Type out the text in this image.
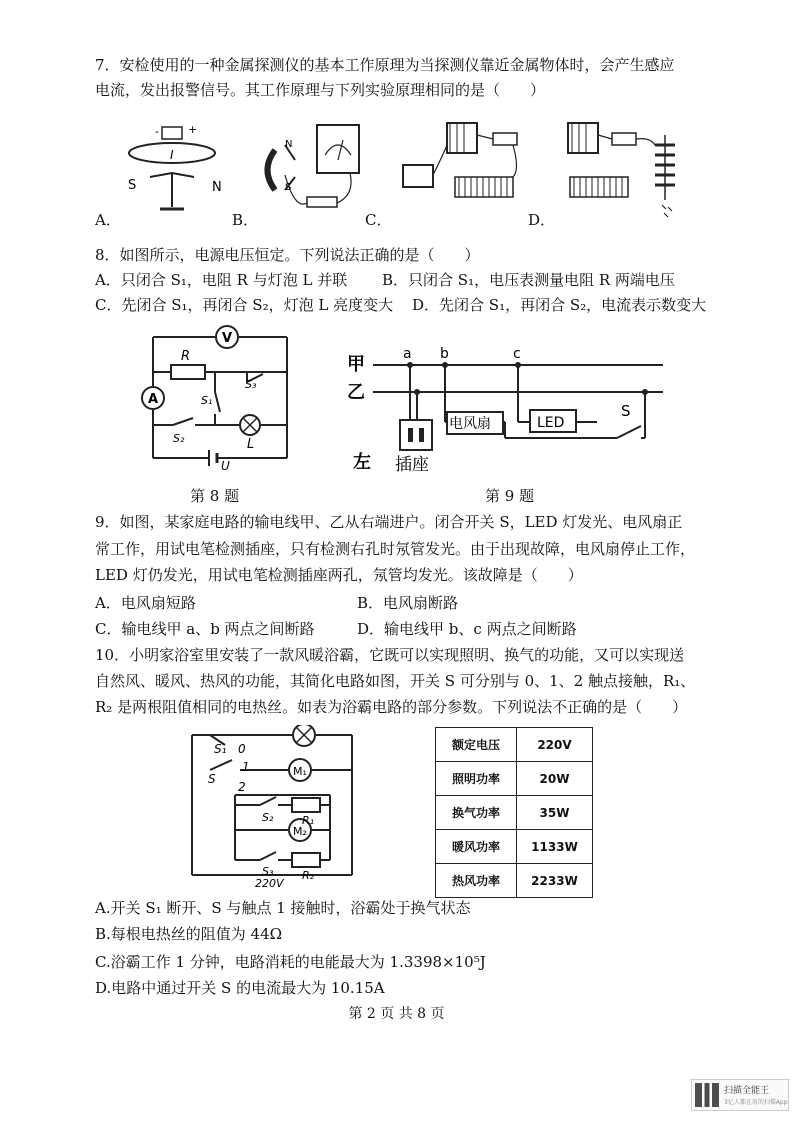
7．安检使用的一种金属探测仪的基本工作原理为当探测仪靠近金属物体时，会产生感应
电流，发出报警信号。其工作原理与下列实验原理相同的是（　　）
-	+
I
S	N
A．
N
S
B．	C．	D．
8．如图所示，电源电压恒定。下列说法正确的是（　　）
A．只闭合 S₁，电阻 R 与灯泡 L 并联 B．只闭合 S₁，电压表测量电阻 R 两端电压
C．先闭合 S₁，再闭合 S₂，灯泡 L 亮度变大 D．先闭合 S₁，再闭合 S₂，电流表示数变大
V
A
R
S₃
S₁
S₂	L
U
第 8 题
甲
乙
a b	c
电风扇	LED
S
左 插座
第 9 题
9．如图，某家庭电路的输电线甲、乙从右端进户。闭合开关 S，LED 灯发光、电风扇正
常工作，用试电笔检测插座，只有检测右孔时氖管发光。由于出现故障，电风扇停止工作，
LED 灯仍发光，用试电笔检测插座两孔，氖管均发光。该故障是（　　）
A．电风扇短路	B．电风扇断路
C．输电线甲 a、b 两点之间断路	D．输电线甲 b、c 两点之间断路
10．小明家浴室里安装了一款风暖浴霸，它既可以实现照明、换气的功能，又可以实现送
自然风、暖风、热风的功能，其简化电路如图，开关 S 可分别与 0、1、2 触点接触，R₁、
R₂ 是两根阻值相同的电热丝。如表为浴霸电路的部分参数。下列说法不正确的是（　　）
M₁
M₂
S₁
S
0
1
2
S₂	R₁
S₃	R₂
220V
额定电压	220V
照明功率	20W
换气功率	35W
暖风功率	1133W
热风功率	2233W
A.开关 S₁ 断开、S 与触点 1 接触时，浴霸处于换气状态
B.每根电热丝的阻值为 44Ω
C.浴霸工作 1 分钟，电路消耗的电能最大为 1.3398×10⁵J
D.电路中通过开关 S 的电流最大为 10.15A
第 2 页 共 8 页
扫描全能王
3亿人都在用的扫描App
